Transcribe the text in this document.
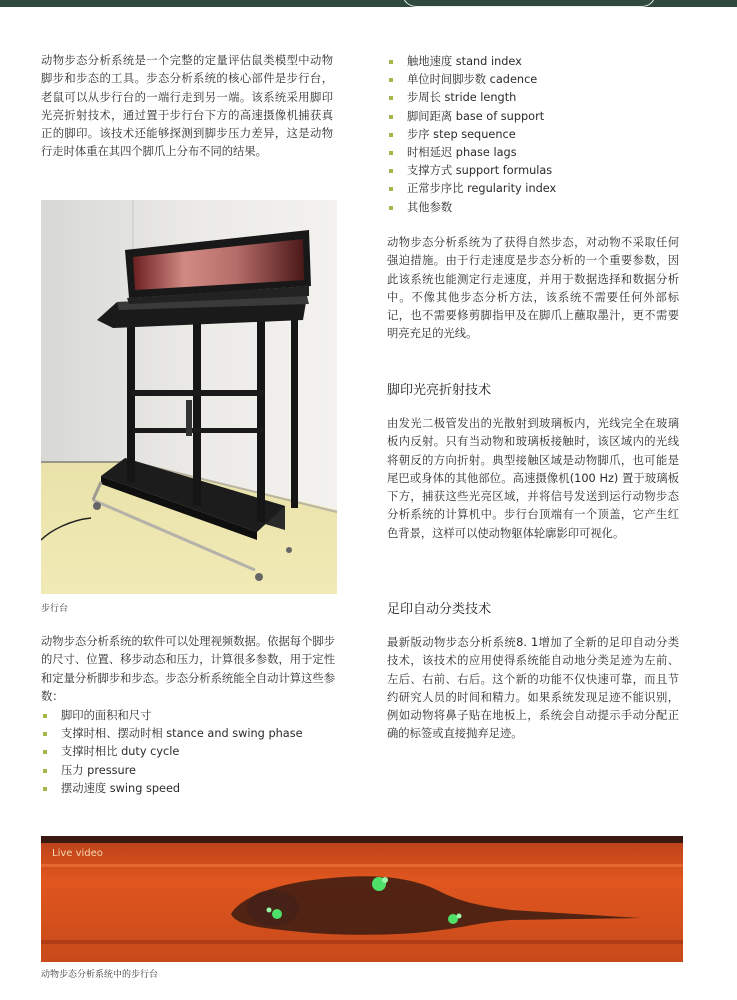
动物步态分析系统是一个完整的定量评估鼠类模型中动物脚步和步态的工具。步态分析系统的核心部件是步行台，老鼠可以从步行台的一端行走到另一端。该系统采用脚印光亮折射技术，通过置于步行台下方的高速摄像机捕获真正的脚印。该技术还能够探测到脚步压力差异，这是动物行走时体重在其四个脚爪上分布不同的结果。

步行台

动物步态分析系统的软件可以处理视频数据。依据每个脚步的尺寸、位置、移步动态和压力，计算很多参数，用于定性和定量分析脚步和步态。步态分析系统能全自动计算这些参数：

脚印的面积和尺寸
支撑时相、摆动时相 stance and swing phase
支撑时相比 duty cycle
压力 pressure
摆动速度 swing speed
触地速度 stand index
单位时间脚步数 cadence
步周长 stride length
脚间距离 base of support
步序 step sequence
时相延迟 phase lags
支撑方式 support formulas
正常步序比 regularity index
其他参数

动物步态分析系统为了获得自然步态，对动物不采取任何强迫措施。由于行走速度是步态分析的一个重要参数，因此该系统也能测定行走速度，并用于数据选择和数据分析中。不像其他步态分析方法，该系统不需要任何外部标记，也不需要修剪脚指甲及在脚爪上蘸取墨汁，更不需要明亮充足的光线。

脚印光亮折射技术

由发光二极管发出的光散射到玻璃板内，光线完全在玻璃板内反射。只有当动物和玻璃板接触时，该区域内的光线将朝反的方向折射。典型接触区域是动物脚爪，也可能是尾巴或身体的其他部位。高速摄像机(100 Hz) 置于玻璃板下方，捕获这些光亮区域，并将信号发送到运行动物步态分析系统的计算机中。步行台顶端有一个顶盖，它产生红色背景，这样可以使动物躯体轮廓影印可视化。

足印自动分类技术

最新版动物步态分析系统8. 1增加了全新的足印自动分类技术，该技术的应用使得系统能自动地分类足迹为左前、左后、右前、右后。这个新的功能不仅快速可靠，而且节约研究人员的时间和精力。如果系统发现足迹不能识别，例如动物将鼻子贴在地板上，系统会自动提示手动分配正确的标签或直接抛弃足迹。

Live video
动物步态分析系统中的步行台
